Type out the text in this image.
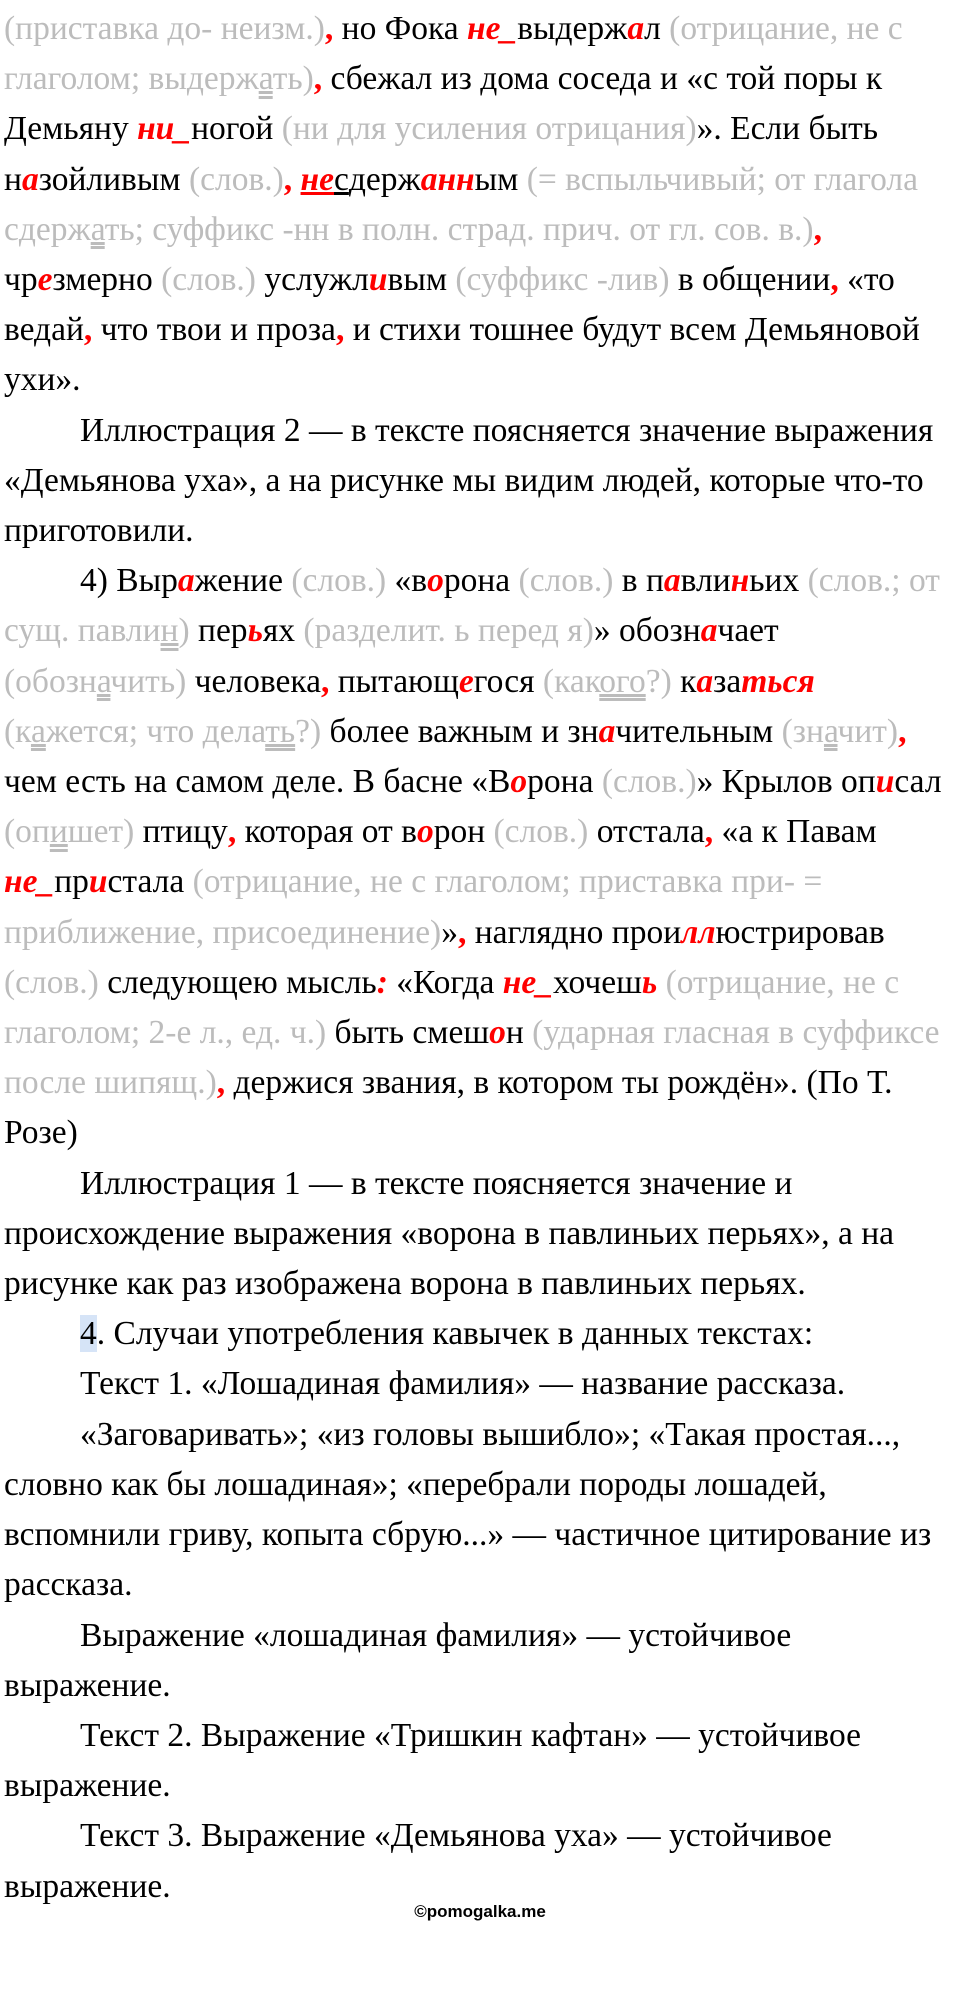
(приставка до- неизм.), но Фока не_выдержал (отрицание, не с глаголом; выдержать), сбежал из дома соседа и «с той поры к Демьяну ни_ногой (ни для усиления отрицания)». Если быть назойливым (слов.), несдержанным (= вспыльчивый; от глагола сдержать; суффикс -нн в полн. страд. прич. от гл. сов. в.), чрезмерно (слов.) услужливым (суффикс -лив) в общении, «то ведай, что твои и проза, и стихи тошнее будут всем Демьяновой ухи».

Иллюстрация 2 — в тексте поясняется значение выражения «Демьянова уха», а на рисунке мы видим людей, которые что-то приготовили.

4) Выражение (слов.) «ворона (слов.) в павлиньих (слов.; от сущ. павлин) перьях (разделит. ь перед я)» обозначает (обозначить) человека, пытающегося (какого?) казаться (кажется; что делать?) более важным и значительным (значит), чем есть на самом деле. В басне «Ворона (слов.)» Крылов описал (опишет) птицу, которая от ворон (слов.) отстала, «а к Павам не_пристала (отрицание, не с глаголом; приставка при- = приближение, присоединение)», наглядно проиллюстрировав (слов.) следующею мысль: «Когда не_хочешь (отрицание, не с глаголом; 2-е л., ед. ч.) быть смешон (ударная гласная в суффиксе после шипящ.), держися звания, в котором ты рождён». (По Т. Розе)

Иллюстрация 1 — в тексте поясняется значение и происхождение выражения «ворона в павлиньих перьях», а на рисунке как раз изображена ворона в павлиньих перьях.

4. Случаи употребления кавычек в данных текстах:

Текст 1. «Лошадиная фамилия» — название рассказа.

«Заговаривать»; «из головы вышибло»; «Такая простая..., словно как бы лошадиная»; «перебрали породы лошадей, вспомнили гриву, копыта сбрую...» — частичное цитирование из рассказа.

Выражение «лошадиная фамилия» — устойчивое выражение.

Текст 2. Выражение «Тришкин кафтан» — устойчивое выражение.

Текст 3. Выражение «Демьянова уха» — устойчивое выражение.

©pomogalka.me
